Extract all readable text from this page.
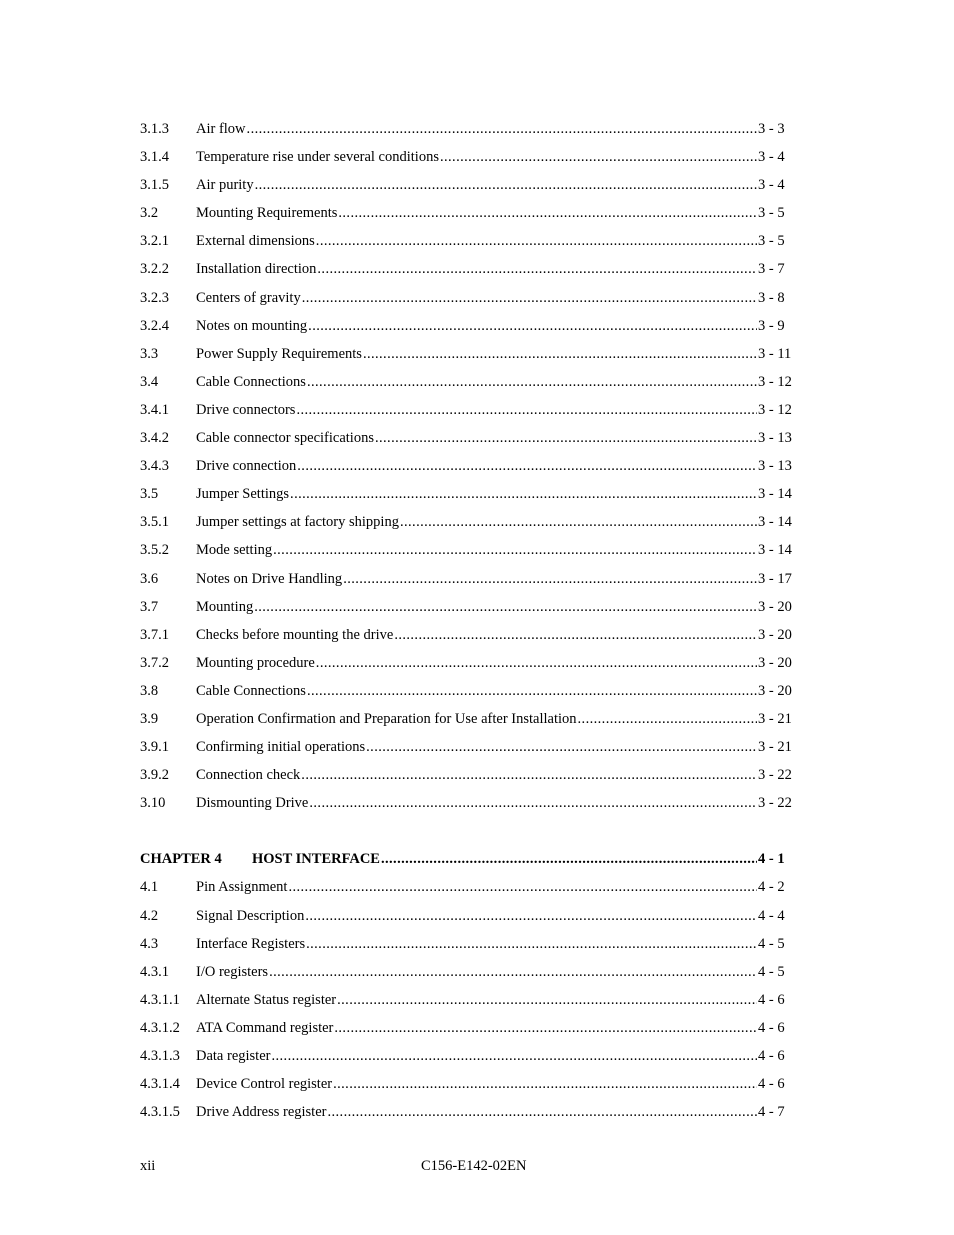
3.1.3	Air flow .....	3 - 3
3.1.4	Temperature rise under several conditions .....	3 - 4
3.1.5	Air purity .....	3 - 4
3.2	Mounting Requirements .....	3 - 5
3.2.1	External dimensions .....	3 - 5
3.2.2	Installation direction .....	3 - 7
3.2.3	Centers of gravity .....	3 - 8
3.2.4	Notes on mounting .....	3 - 9
3.3	Power Supply Requirements .....	3 - 11
3.4	Cable Connections .....	3 - 12
3.4.1	Drive connectors .....	3 - 12
3.4.2	Cable connector specifications .....	3 - 13
3.4.3	Drive connection .....	3 - 13
3.5	Jumper Settings .....	3 - 14
3.5.1	Jumper settings at factory shipping .....	3 - 14
3.5.2	Mode setting .....	3 - 14
3.6	Notes on Drive Handling .....	3 - 17
3.7	Mounting .....	3 - 20
3.7.1	Checks before mounting the drive .....	3 - 20
3.7.2	Mounting procedure .....	3 - 20
3.8	Cable Connections .....	3 - 20
3.9	Operation Confirmation and Preparation for Use after Installation .....	3 - 21
3.9.1	Confirming initial operations .....	3 - 21
3.9.2	Connection check .....	3 - 22
3.10	Dismounting Drive .....	3 - 22
CHAPTER 4	HOST INTERFACE .....	4 - 1
4.1	Pin Assignment .....	4 - 2
4.2	Signal Description .....	4 - 4
4.3	Interface Registers .....	4 - 5
4.3.1	I/O registers .....	4 - 5
4.3.1.1	Alternate Status register .....	4 - 6
4.3.1.2	ATA Command register .....	4 - 6
4.3.1.3	Data register .....	4 - 6
4.3.1.4	Device Control register .....	4 - 6
4.3.1.5	Drive Address register .....	4 - 7
xii	C156-E142-02EN
